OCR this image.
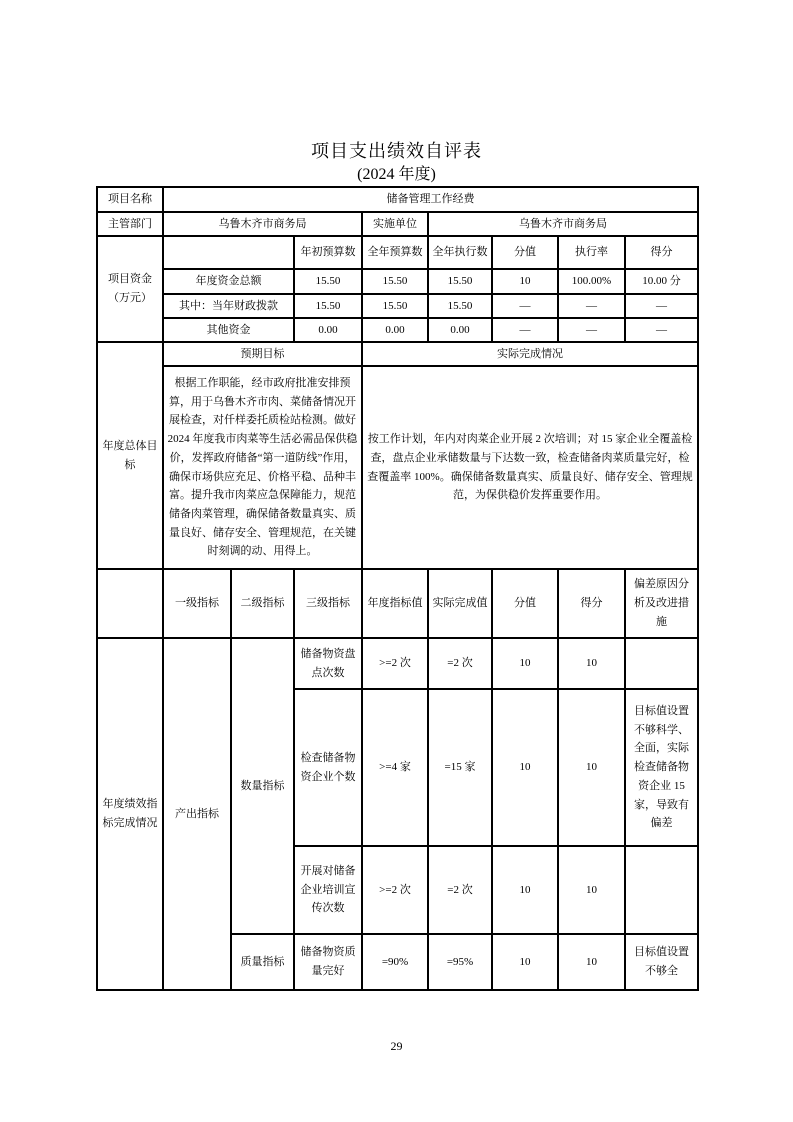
项目支出绩效自评表
(2024 年度)
项目名称	储备管理工作经费							
主管部门	乌鲁木齐市商务局			实施单位	乌鲁木齐市商务局			
项目资金（万元）			年初预算数	全年预算数	全年执行数	分值	执行率	得分
	年度资金总额		15.50	15.50	15.50	10	100.00%	10.00 分
	其中：当年财政拨款		15.50	15.50	15.50	—	—	—
	其他资金		0.00	0.00	0.00	—	—	—
年度总体目标	预期目标			实际完成情况				
	根据工作职能，经市政府批准安排预算，用于乌鲁木齐市肉、菜储备情况开展检查，对仟样委托质检站检测。做好 2024 年度我市肉菜等生活必需品保供稳价，发挥政府储备“第一道防线”作用，确保市场供应充足、价格平稳、品种丰富。提升我市肉菜应急保障能力，规范储备肉菜管理，确保储备数量真实、质量良好、储存安全、管理规范，在关键时刻调的动、用得上。			按工作计划，年内对肉菜企业开展 2 次培训；对 15 家企业全覆盖检查，盘点企业承储数量与下达数一致，检查储备肉菜质量完好，检查覆盖率 100%。确保储备数量真实、质量良好、储存安全、管理规范，为保供稳价发挥重要作用。				
	一级指标	二级指标	三级指标	年度指标值	实际完成值	分值	得分	偏差原因分析及改进措施
年度绩效指标完成情况	产出指标	数量指标	储备物资盘点次数	>=2 次	=2 次	10	10	
			检查储备物资企业个数	>=4 家	=15 家	10	10	目标值设置不够科学、全面，实际检查储备物资企业 15 家，导致有偏差
			开展对储备企业培训宣传次数	>=2 次	=2 次	10	10	
		质量指标	储备物资质量完好	=90%	=95%	10	10	目标值设置不够全
29
